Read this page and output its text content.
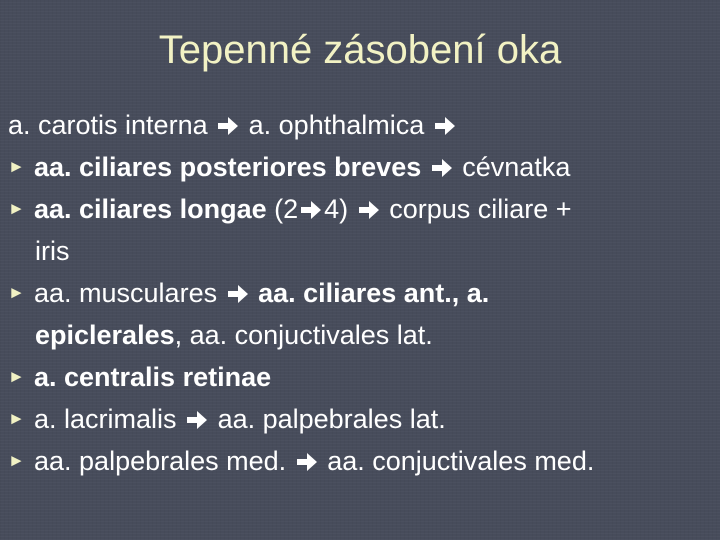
Tepenné zásobení oka
a. carotis interna a. ophthalmica
► aa. ciliares posteriores breves cévnatka
► aa. ciliares longae (2 4) corpus ciliare +
iris
► aa. musculares aa. ciliares ant., a.
epiclerales, aa. conjuctivales lat.
► a. centralis retinae
► a. lacrimalis aa. palpebrales lat.
► aa. palpebrales med. aa. conjuctivales med.
